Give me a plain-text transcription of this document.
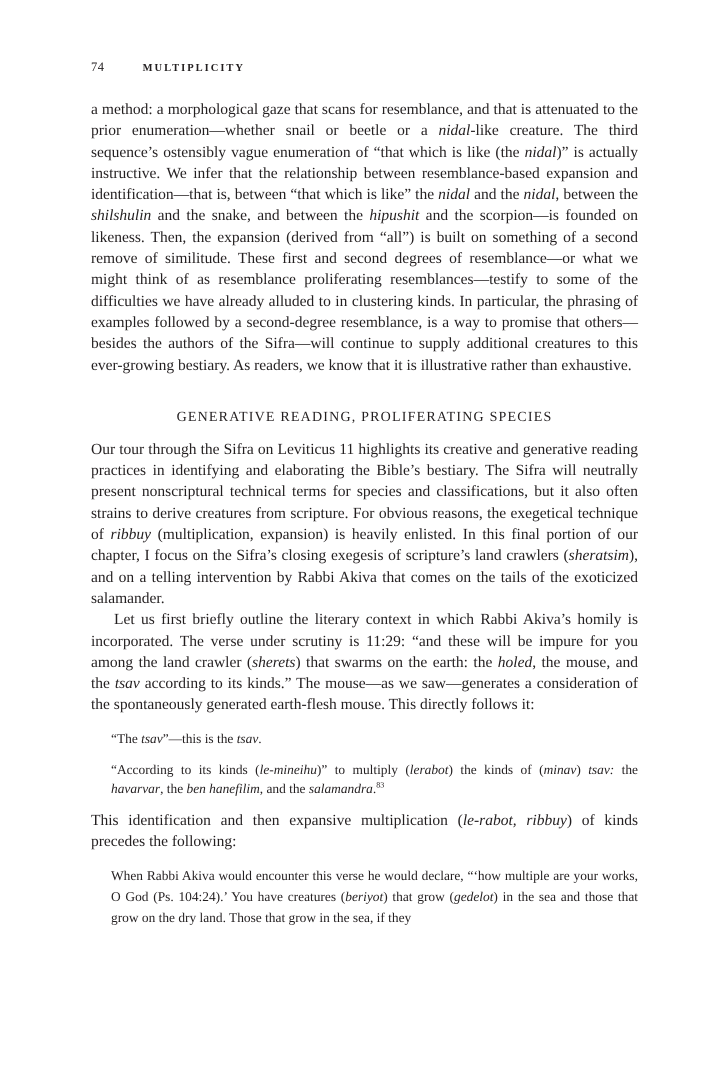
74	MULTIPLICITY

a method: a morphological gaze that scans for resemblance, and that is attenuated to the prior enumeration—whether snail or beetle or a nidal-like creature. The third sequence’s ostensibly vague enumeration of “that which is like (the nidal)” is actually instructive. We infer that the relationship between resemblance-based expansion and identification—that is, between “that which is like” the nidal and the nidal, between the shilshulin and the snake, and between the hipushit and the scorpion—is founded on likeness. Then, the expansion (derived from “all”) is built on something of a second remove of similitude. These first and second degrees of resemblance—or what we might think of as resemblance proliferating resemblances—testify to some of the difficulties we have already alluded to in clustering kinds. In particular, the phrasing of examples followed by a second-degree resemblance, is a way to promise that others—besides the authors of the Sifra—will continue to supply additional creatures to this ever-growing bestiary. As readers, we know that it is illustrative rather than exhaustive.

GENERATIVE READING, PROLIFERATING SPECIES

Our tour through the Sifra on Leviticus 11 highlights its creative and generative reading practices in identifying and elaborating the Bible’s bestiary. The Sifra will neutrally present nonscriptural technical terms for species and classifications, but it also often strains to derive creatures from scripture. For obvious reasons, the exegetical technique of ribbuy (multiplication, expansion) is heavily enlisted. In this final portion of our chapter, I focus on the Sifra’s closing exegesis of scripture’s land crawlers (sheratsim), and on a telling intervention by Rabbi Akiva that comes on the tails of the exoticized salamander.

Let us first briefly outline the literary context in which Rabbi Akiva’s homily is incorporated. The verse under scrutiny is 11:29: “and these will be impure for you among the land crawler (sherets) that swarms on the earth: the holed, the mouse, and the tsav according to its kinds.” The mouse—as we saw—generates a consideration of the spontaneously generated earth-flesh mouse. This directly follows it:

“The tsav”—this is the tsav.

“According to its kinds (le-mineihu)” to multiply (lerabot) the kinds of (minav) tsav: the havarvar, the ben hanefilim, and the salamandra.$^{83}$

This identification and then expansive multiplication (le-rabot, ribbuy) of kinds precedes the following:

When Rabbi Akiva would encounter this verse he would declare, “‘how multiple are your works, O God (Ps. 104:24).’ You have creatures (beriyot) that grow (gedelot) in the sea and those that grow on the dry land. Those that grow in the sea, if they
